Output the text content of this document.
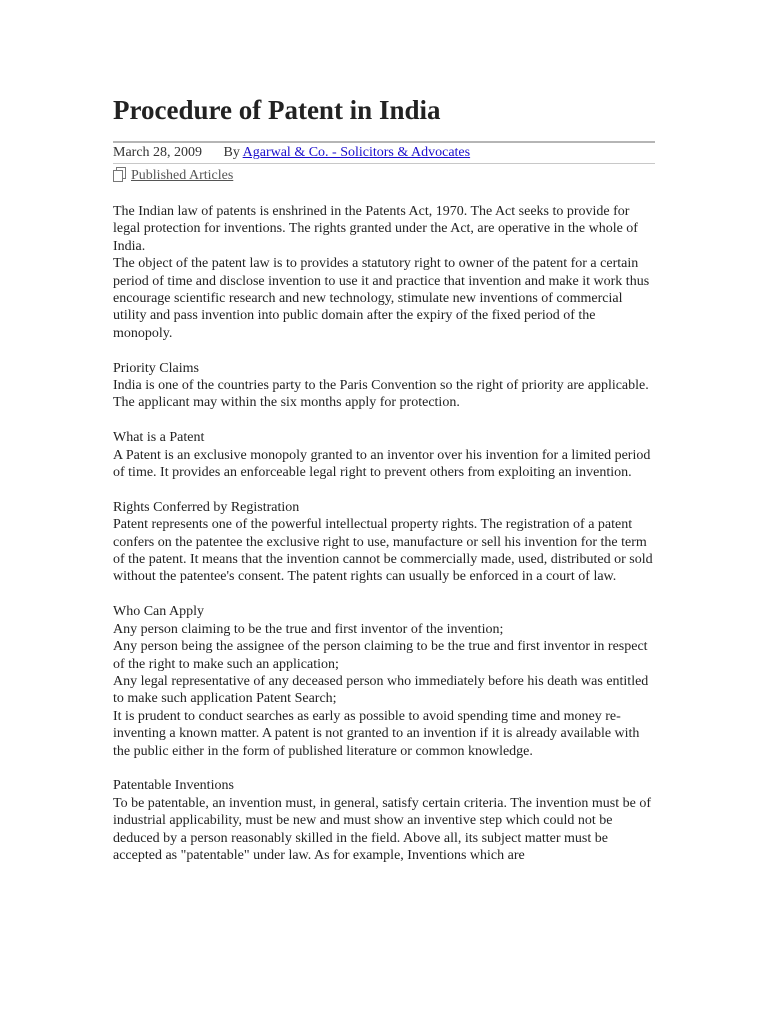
Procedure of Patent in India
March 28, 2009 By Agarwal & Co. - Solicitors & Advocates
Published Articles

The Indian law of patents is enshrined in the Patents Act, 1970. The Act seeks to provide for legal protection for inventions. The rights granted under the Act, are operative in the whole of India.

The object of the patent law is to provides a statutory right to owner of the patent for a certain period of time and disclose invention to use it and practice that invention and make it work thus encourage scientific research and new technology, stimulate new inventions of commercial utility and pass invention into public domain after the expiry of the fixed period of the monopoly.

Priority Claims

India is one of the countries party to the Paris Convention so the right of priority are applicable. The applicant may within the six months apply for protection.

What is a Patent

A Patent is an exclusive monopoly granted to an inventor over his invention for a limited period of time. It provides an enforceable legal right to prevent others from exploiting an invention.

Rights Conferred by Registration

Patent represents one of the powerful intellectual property rights. The registration of a patent confers on the patentee the exclusive right to use, manufacture or sell his invention for the term of the patent. It means that the invention cannot be commercially made, used, distributed or sold without the patentee's consent. The patent rights can usually be enforced in a court of law.

Who Can Apply

Any person claiming to be the true and first inventor of the invention;

Any person being the assignee of the person claiming to be the true and first inventor in respect of the right to make such an application;

Any legal representative of any deceased person who immediately before his death was entitled to make such application Patent Search;

It is prudent to conduct searches as early as possible to avoid spending time and money re-inventing a known matter. A patent is not granted to an invention if it is already available with the public either in the form of published literature or common knowledge.

Patentable Inventions

To be patentable, an invention must, in general, satisfy certain criteria. The invention must be of industrial applicability, must be new and must show an inventive step which could not be deduced by a person reasonably skilled in the field. Above all, its subject matter must be accepted as "patentable" under law. As for example, Inventions which are
